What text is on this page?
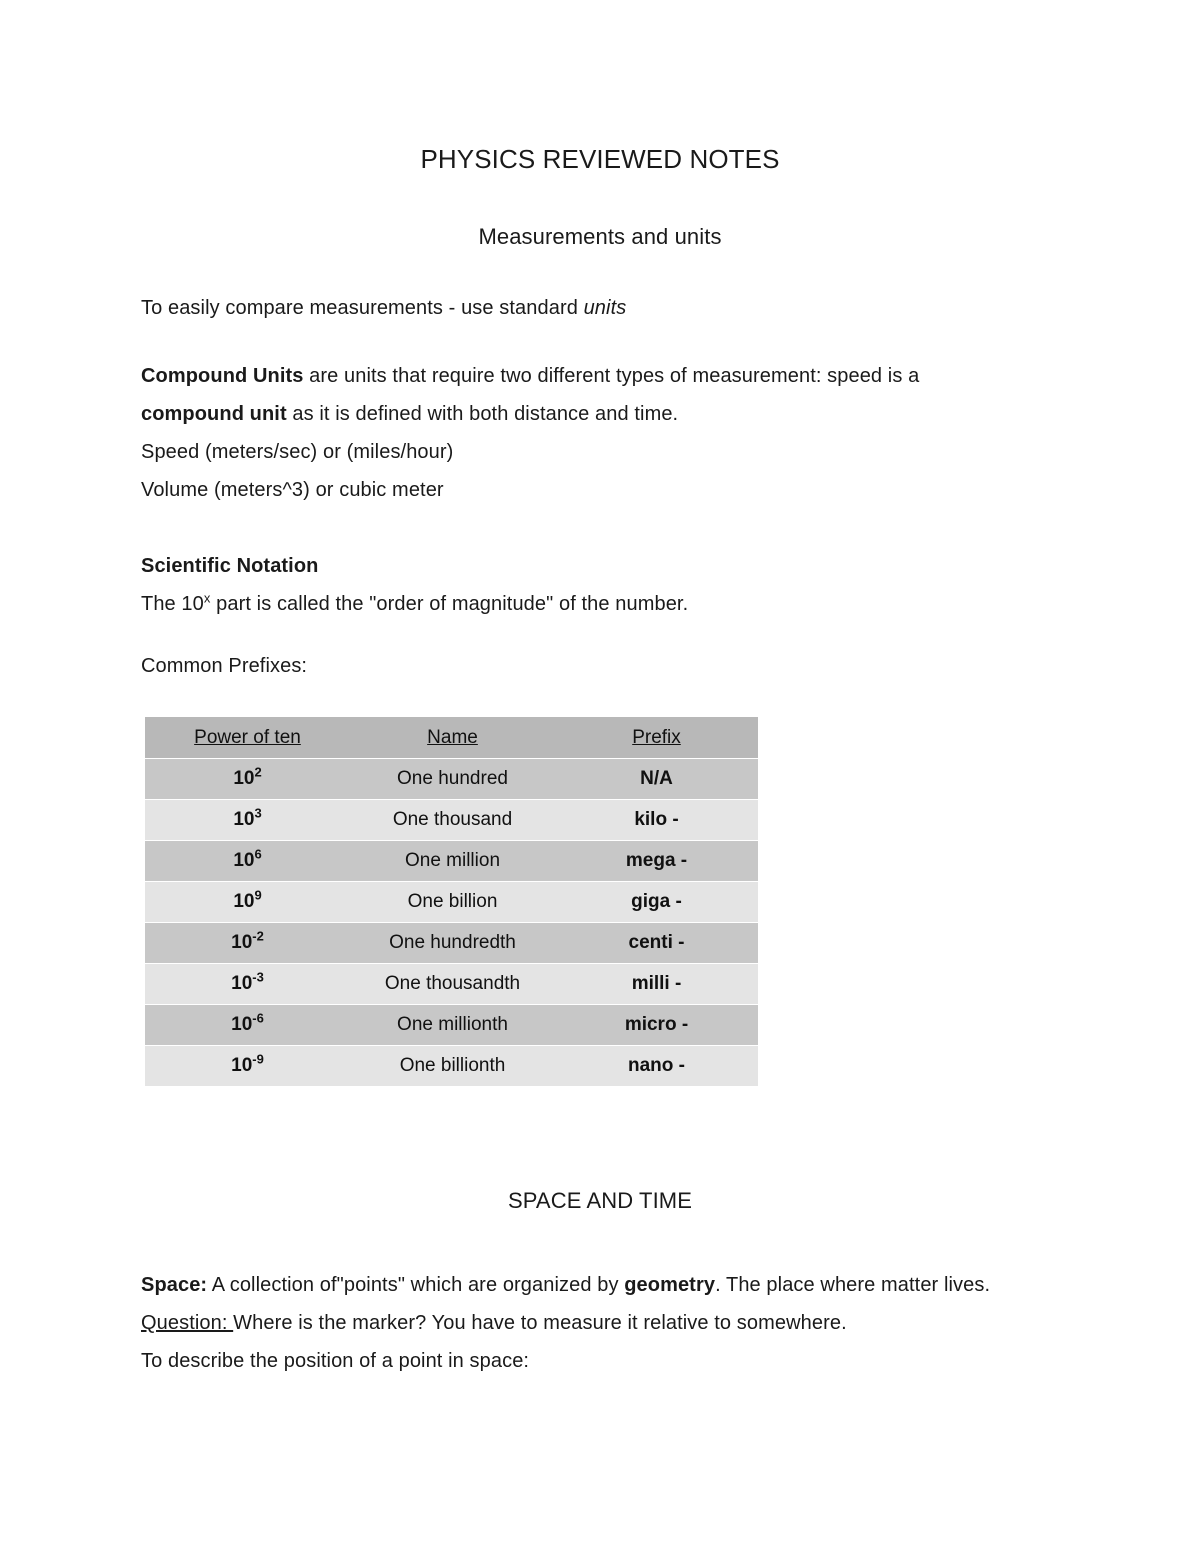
PHYSICS REVIEWED NOTES
Measurements and units
To easily compare measurements - use standard units
Compound Units are units that require two different types of measurement: speed is a
compound unit as it is defined with both distance and time.
Speed (meters/sec) or (miles/hour)
Volume (meters^3) or cubic meter
Scientific Notation
The 10$^x$ part is called the "order of magnitude" of the number.
Common Prefixes:
Power of ten	Name	Prefix
$10^2$	One hundred	N/A
$10^3$	One thousand	kilo -
$10^6$	One million	mega -
$10^9$	One billion	giga -
$10^{-2}$	One hundredth	centi -
$10^{-3}$	One thousandth	milli -
$10^{-6}$	One millionth	micro -
$10^{-9}$	One billionth	nano -
SPACE AND TIME
Space: A collection of"points" which are organized by geometry. The place where matter lives.
Question: Where is the marker? You have to measure it relative to somewhere.
To describe the position of a point in space:
